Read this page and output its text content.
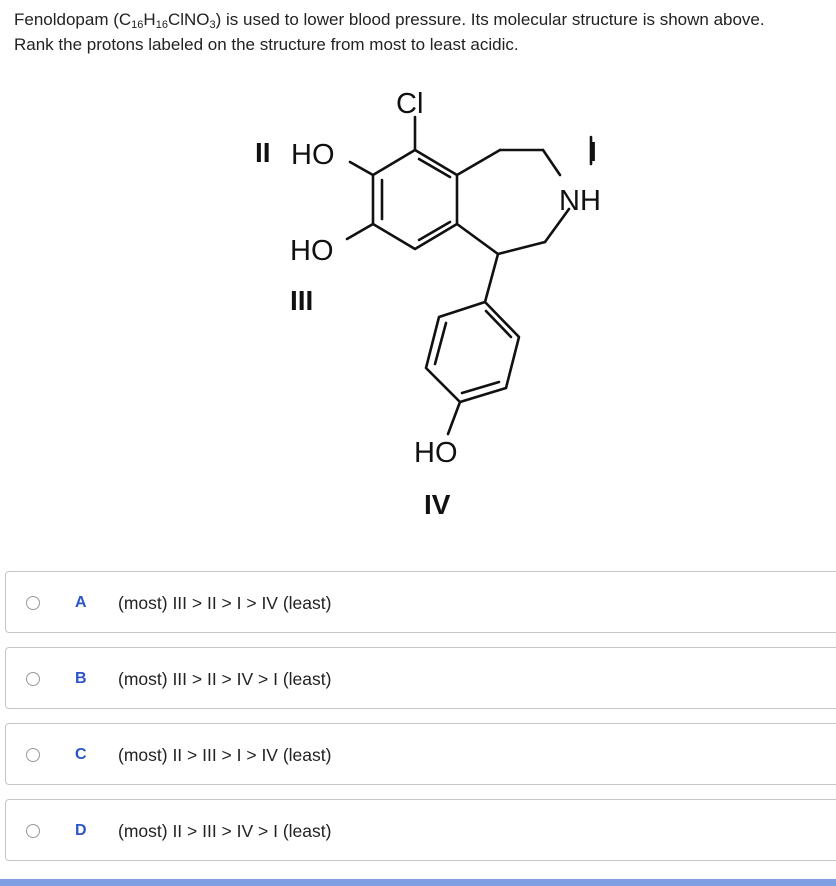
Fenoldopam $(C_{16}H_{16}ClNO_3)$ is used to lower blood pressure. Its molecular structure is shown above.
Rank the protons labeled on the structure from most to least acidic.
Cl
HO
HO
NH
HO
II	I
III
IV
A (most) III > II > I > IV (least)
B (most) III > II > IV > I (least)
C (most) II > III > I > IV (least)
D (most) II > III > IV > I (least)
